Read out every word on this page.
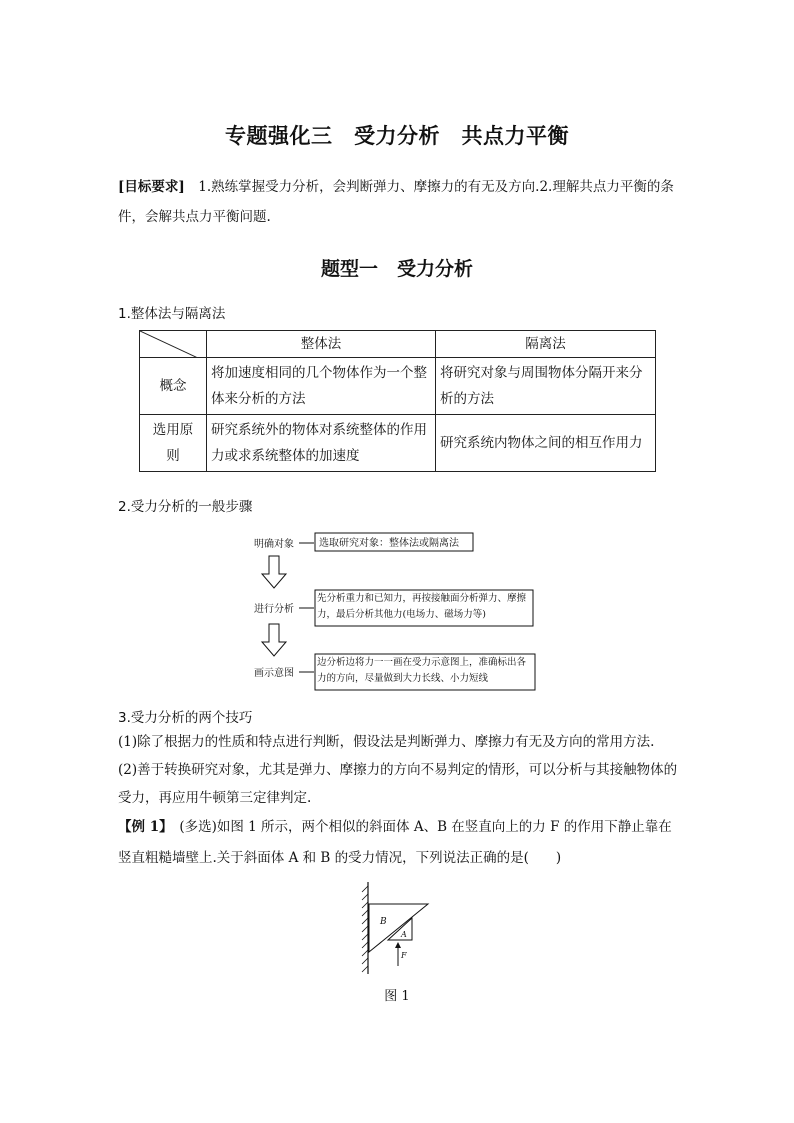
专题强化三　受力分析　共点力平衡
[目标要求]　1.熟练掌握受力分析，会判断弹力、摩擦力的有无及方向.2.理解共点力平衡的条件，会解共点力平衡问题.
题型一　受力分析
1.整体法与隔离法
	整体法	隔离法
概念	将加速度相同的几个物体作为一个整体来分析的方法	将研究对象与周围物体分隔开来分析的方法
选用原则	研究系统外的物体对系统整体的作用力或求系统整体的加速度	研究系统内物体之间的相互作用力
2.受力分析的一般步骤
明确对象	选取研究对象：整体法或隔离法
进行分析
先分析重力和已知力，再按接触面分析弹力、摩擦力，最后分析其他力(电场力、磁场力等)
画示意图
边分析边将力一一画在受力示意图上，准确标出各力的方向，尽量做到大力长线、小力短线
3.受力分析的两个技巧
(1)除了根据力的性质和特点进行判断，假设法是判断弹力、摩擦力有无及方向的常用方法.
(2)善于转换研究对象，尤其是弹力、摩擦力的方向不易判定的情形，可以分析与其接触物体的受力，再应用牛顿第三定律判定.
【例 1】　(多选)如图 1 所示，两个相似的斜面体 A、B 在竖直向上的力 F 的作用下静止靠在竖直粗糙墙壁上.关于斜面体 A 和 B 的受力情况，下列说法正确的是(　　)
B
A
F
图 1
